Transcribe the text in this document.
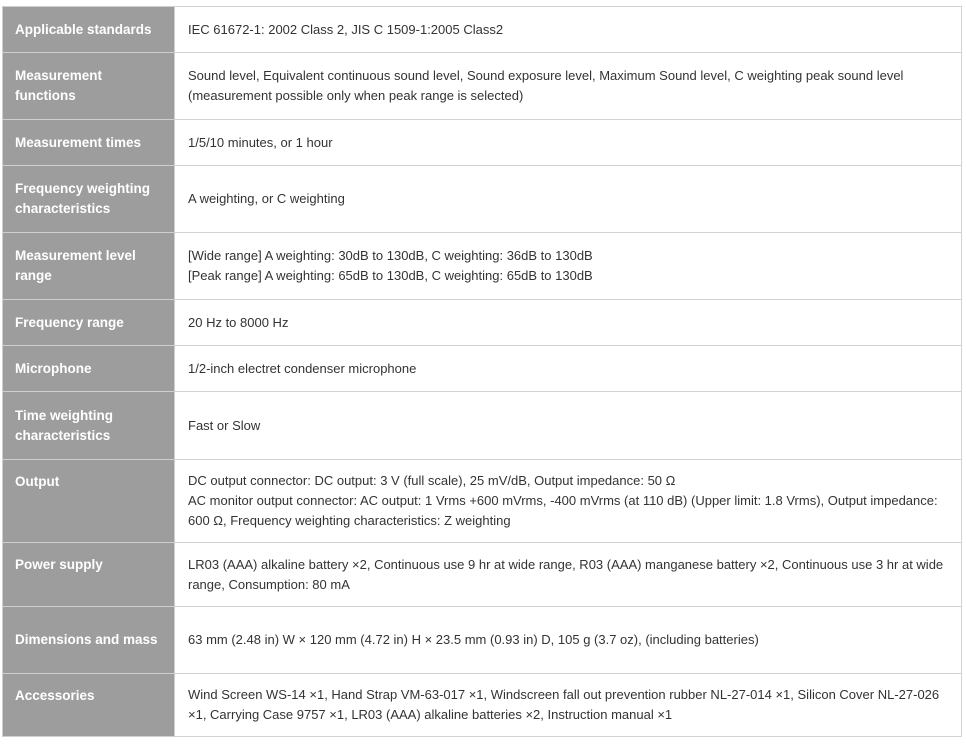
Applicable standards	IEC 61672-1: 2002 Class 2, JIS C 1509-1:2005 Class2

Measurement functions	Sound level, Equivalent continuous sound level, Sound exposure level, Maximum Sound level, C weighting peak sound level (measurement possible only when peak range is selected)

Measurement times	1/5/10 minutes, or 1 hour

Frequency weighting characteristics	A weighting, or C weighting

Measurement level range	[Wide range] A weighting: 30dB to 130dB, C weighting: 36dB to 130dB
[Peak range] A weighting: 65dB to 130dB, C weighting: 65dB to 130dB

Frequency range	20 Hz to 8000 Hz

Microphone	1/2-inch electret condenser microphone

Time weighting characteristics	Fast or Slow

Output	DC output connector: DC output: 3 V (full scale), 25 mV/dB, Output impedance: 50 Ω
AC monitor output connector: AC output: 1 Vrms +600 mVrms, -400 mVrms (at 110 dB) (Upper limit: 1.8 Vrms), Output impedance: 600 Ω, Frequency weighting characteristics: Z weighting

Power supply	LR03 (AAA) alkaline battery ×2, Continuous use 9 hr at wide range, R03 (AAA) manganese battery ×2, Continuous use 3 hr at wide range, Consumption: 80 mA

Dimensions and mass	63 mm (2.48 in) W × 120 mm (4.72 in) H × 23.5 mm (0.93 in) D, 105 g (3.7 oz), (including batteries)

Accessories	Wind Screen WS-14 ×1, Hand Strap VM-63-017 ×1, Windscreen fall out prevention rubber NL-27-014 ×1, Silicon Cover NL-27-026 ×1, Carrying Case 9757 ×1, LR03 (AAA) alkaline batteries ×2, Instruction manual ×1
